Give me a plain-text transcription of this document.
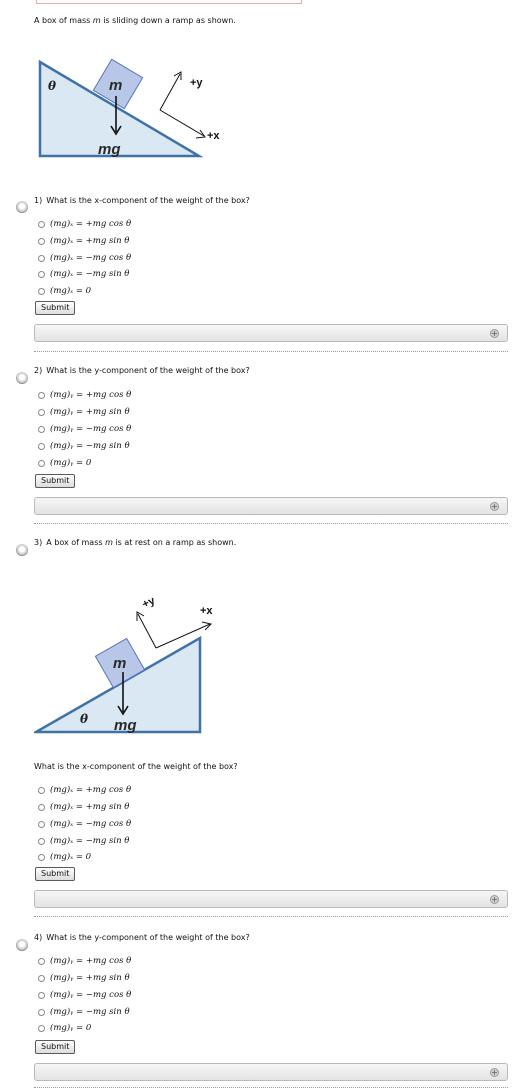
A box of mass m is sliding down a ramp as shown.
m
mg
θ	+y
+x
1) What is the x-component of the weight of the box?
(mg)ₓ = +mg cos θ
(mg)ₓ = +mg sin θ
(mg)ₓ = −mg cos θ
(mg)ₓ = −mg sin θ
(mg)ₓ = 0
Submit
+
2) What is the y-component of the weight of the box?
(mg)ᵧ = +mg cos θ
(mg)ᵧ = +mg sin θ
(mg)ᵧ = −mg cos θ
(mg)ᵧ = −mg sin θ
(mg)ᵧ = 0
Submit
+
3) A box of mass m is at rest on a ramp as shown.
m
mg
θ
+y
+x
What is the x-component of the weight of the box?
(mg)ₓ = +mg cos θ
(mg)ₓ = +mg sin θ
(mg)ₓ = −mg cos θ
(mg)ₓ = −mg sin θ
(mg)ₓ = 0
Submit
+
4) What is the y-component of the weight of the box?
(mg)ᵧ = +mg cos θ
(mg)ᵧ = +mg sin θ
(mg)ᵧ = −mg cos θ
(mg)ᵧ = −mg sin θ
(mg)ᵧ = 0
Submit
+
